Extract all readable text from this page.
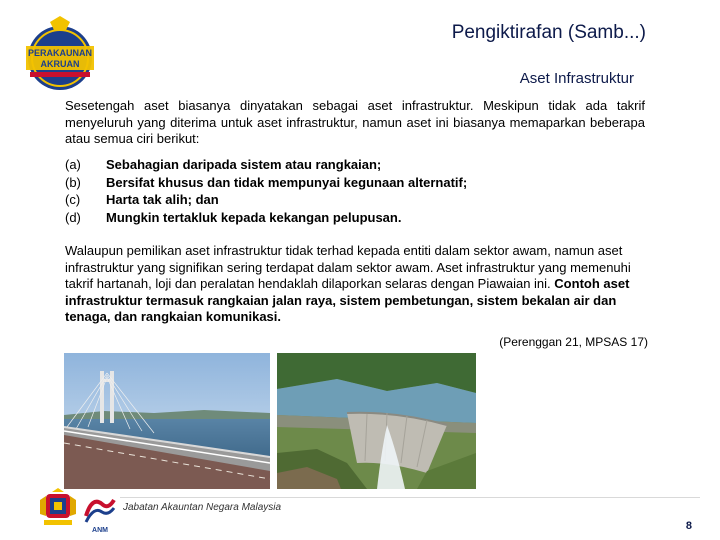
PERAKAUNAN
AKRUAN
Pengiktirafan (Samb...)
Aset Infrastruktur
Sesetengah aset biasanya dinyatakan sebagai aset infrastruktur. Meskipun tidak ada takrif menyeluruh yang diterima untuk aset infrastruktur, namun aset ini biasanya memaparkan beberapa atau semua ciri berikut:
(a)	Sebahagian daripada sistem atau rangkaian;
(b)	Bersifat khusus dan tidak mempunyai kegunaan alternatif;
(c)	Harta tak alih; dan
(d)	Mungkin tertakluk kepada kekangan pelupusan.
Walaupun pemilikan aset infrastruktur tidak terhad kepada entiti dalam sektor awam, namun aset infrastruktur yang signifikan sering terdapat dalam sektor awam. Aset infrastruktur yang memenuhi takrif hartanah, loji dan peralatan hendaklah dilaporkan selaras dengan Piawaian ini. Contoh aset infrastruktur termasuk rangkaian jalan raya, sistem pembetungan, sistem bekalan air dan tenaga, dan rangkaian komunikasi.
(Perenggan 21, MPSAS 17)
ANM
Jabatan Akauntan Negara Malaysia
8
